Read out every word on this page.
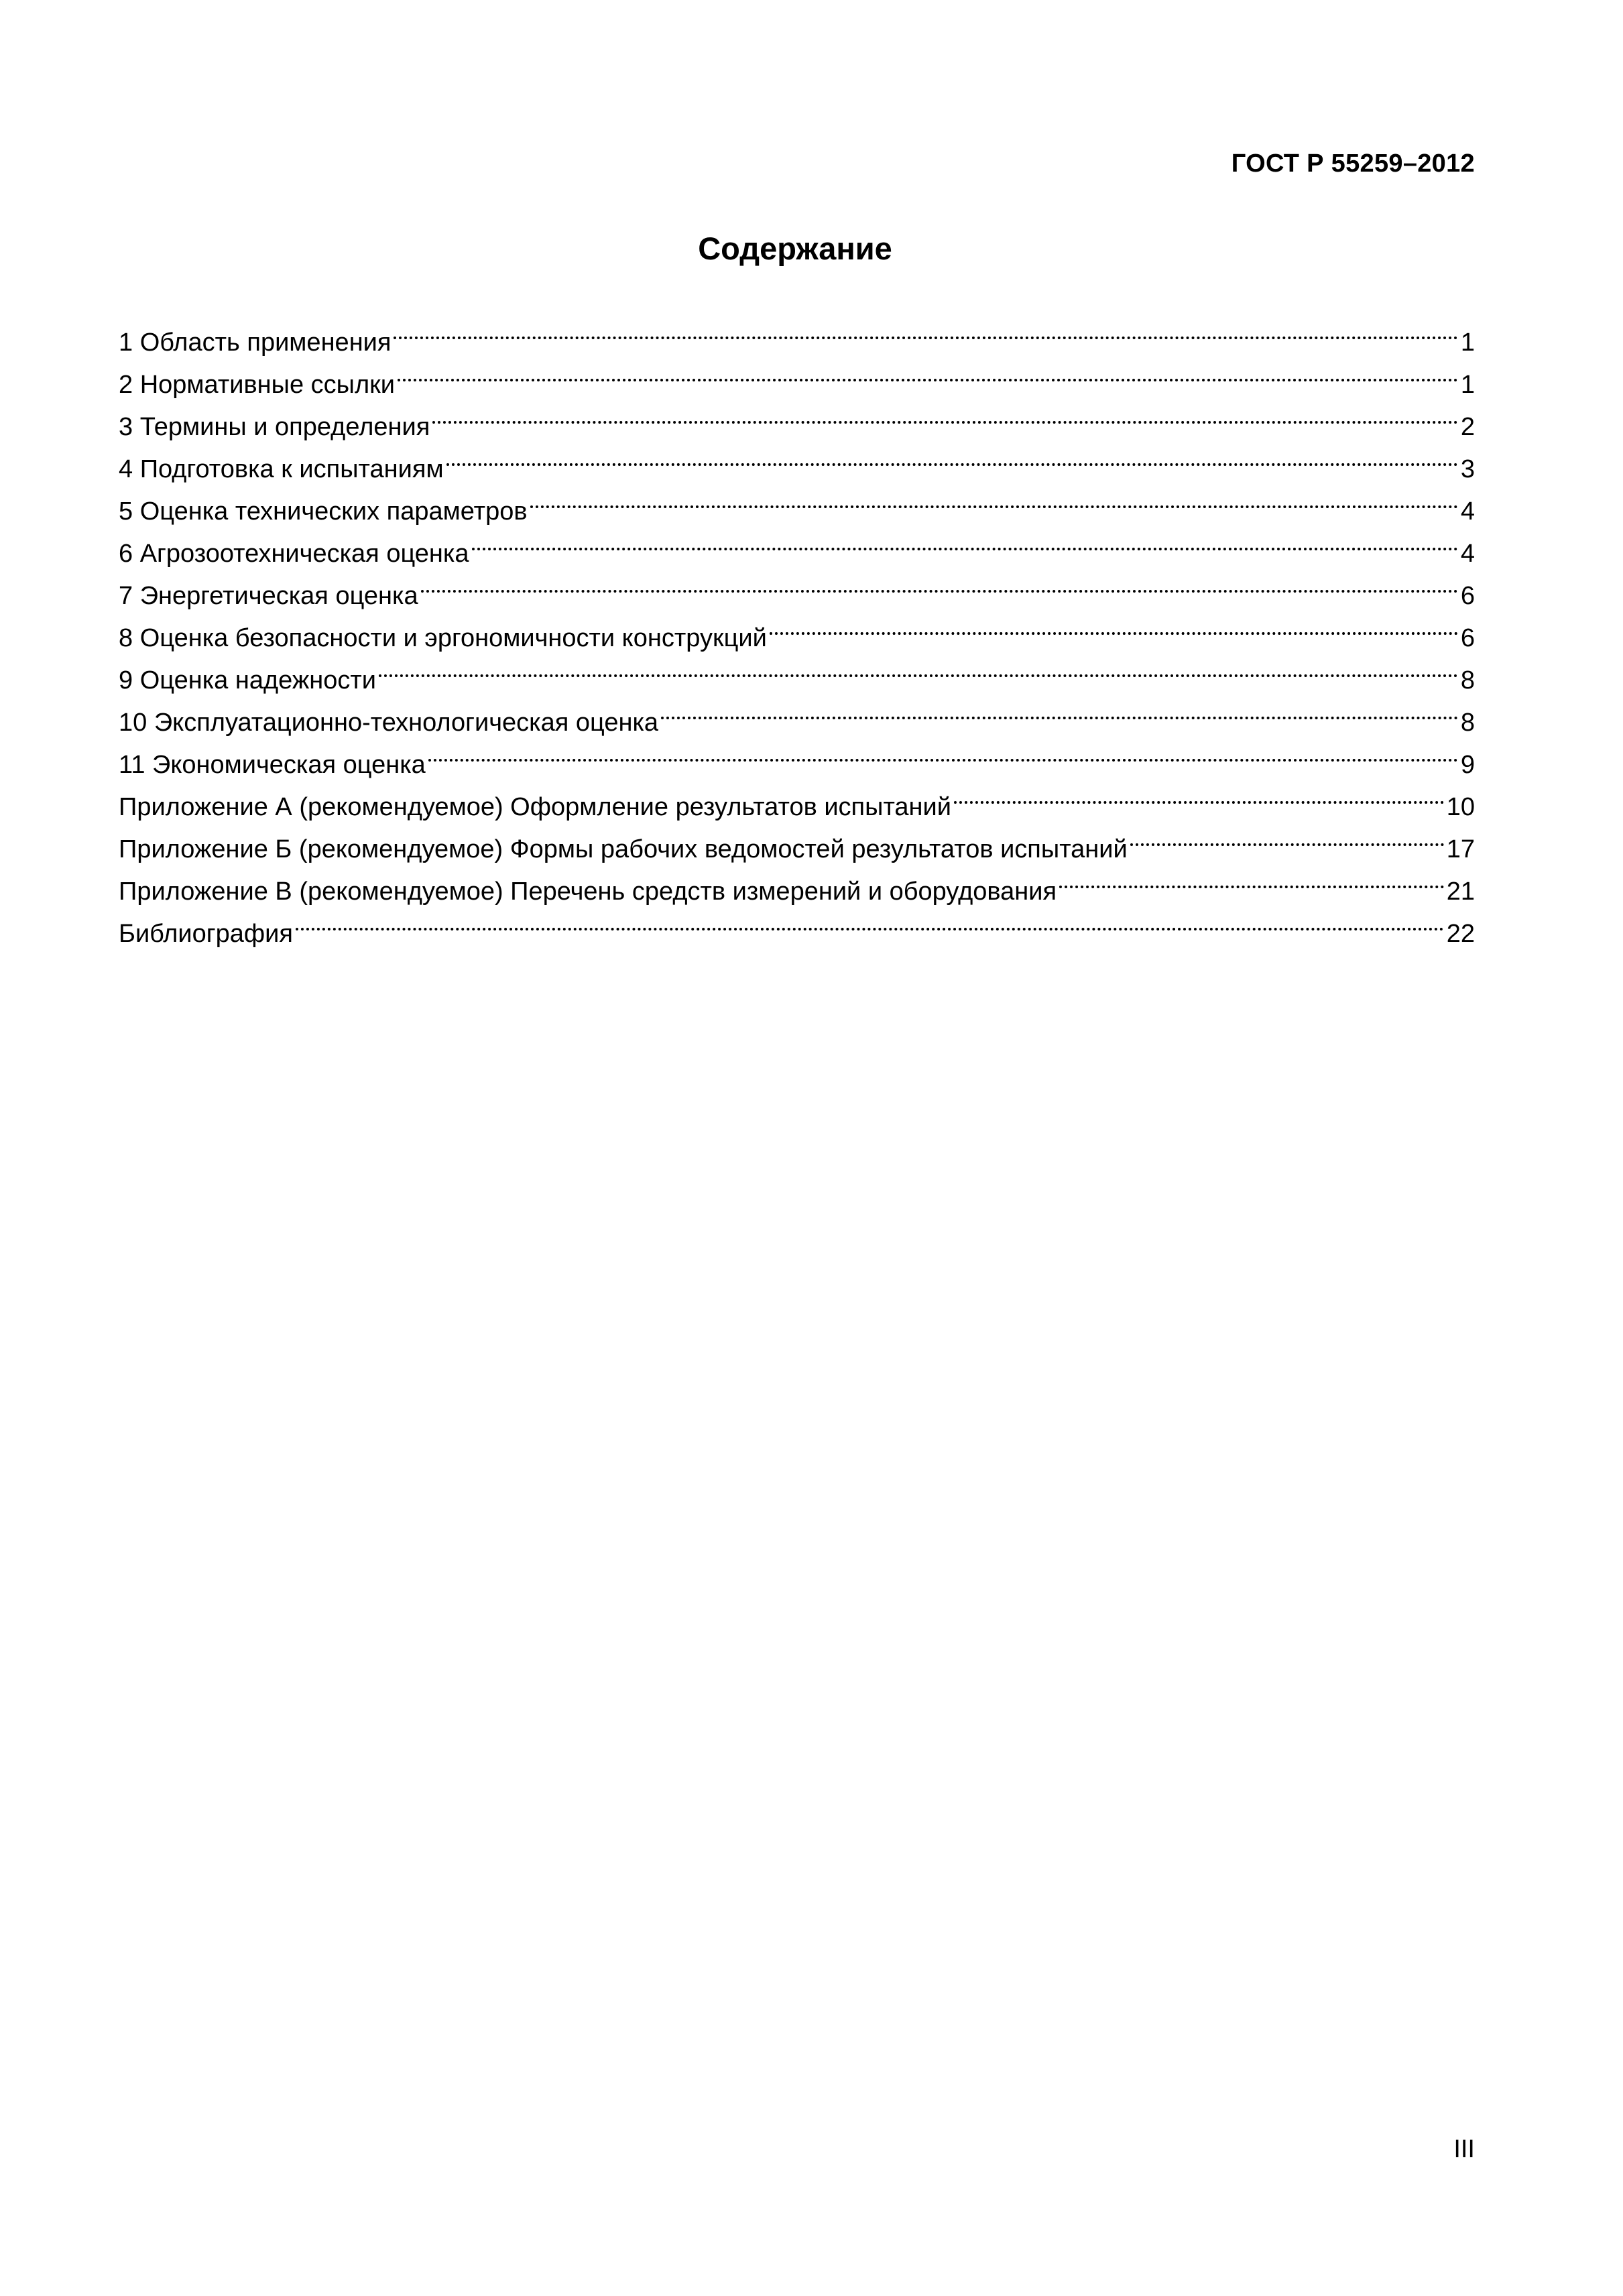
ГОСТ Р 55259–2012
Содержание
1 Область применения	1
2 Нормативные ссылки	1
3 Термины и определения	2
4 Подготовка к испытаниям	3
5 Оценка технических параметров	4
6 Агрозоотехническая оценка	4
7 Энергетическая оценка	6
8 Оценка безопасности и эргономичности конструкций	6
9 Оценка надежности	8
10 Эксплуатационно-технологическая оценка	8
11 Экономическая оценка	9
Приложение А (рекомендуемое) Оформление результатов испытаний	10
Приложение Б (рекомендуемое) Формы рабочих ведомостей результатов испытаний	17
Приложение В (рекомендуемое) Перечень средств измерений и оборудования	21
Библиография	22
III
